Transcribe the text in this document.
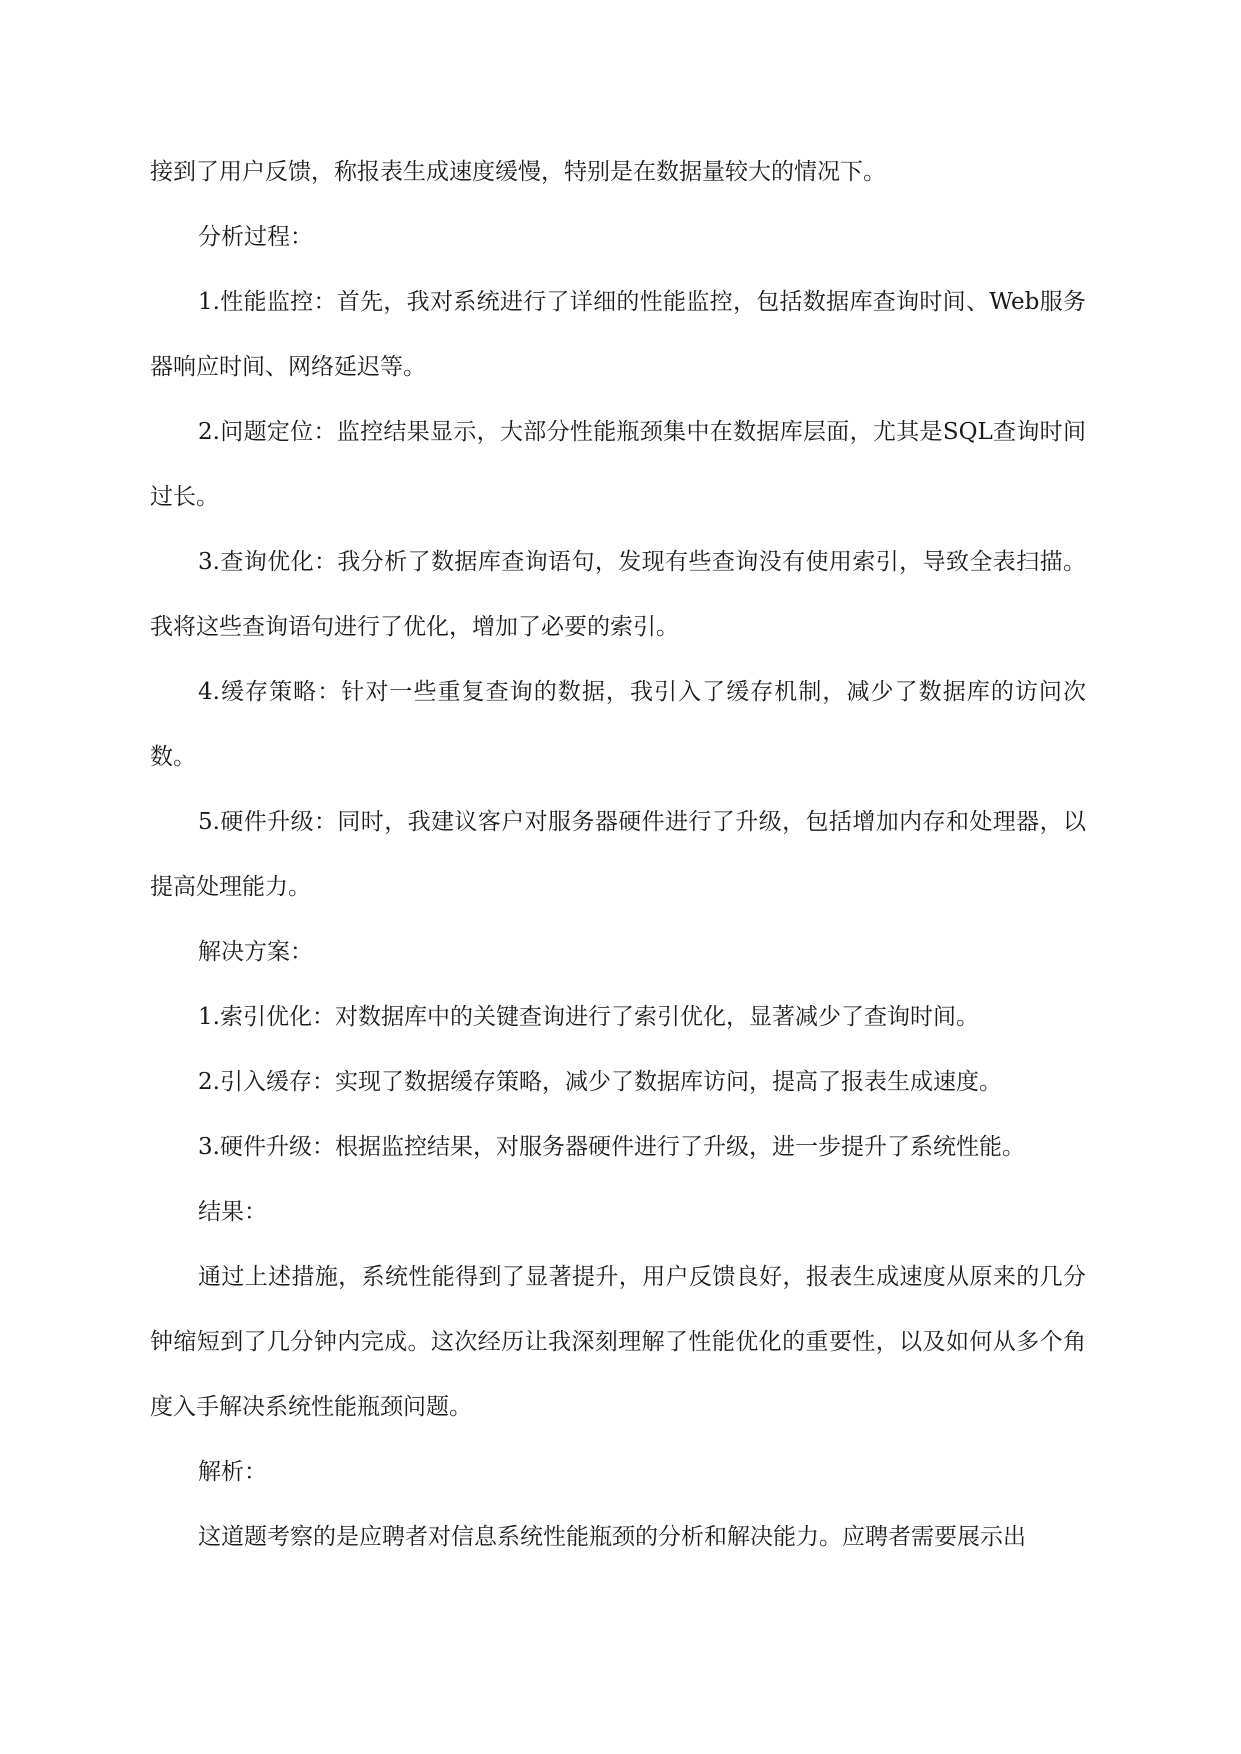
接到了用户反馈，称报表生成速度缓慢，特别是在数据量较大的情况下。

分析过程：

1.性能监控：首先，我对系统进行了详细的性能监控，包括数据库查询时间、Web服务器响应时间、网络延迟等。

2.问题定位：监控结果显示，大部分性能瓶颈集中在数据库层面，尤其是SQL查询时间过长。

3.查询优化：我分析了数据库查询语句，发现有些查询没有使用索引，导致全表扫描。我将这些查询语句进行了优化，增加了必要的索引。

4.缓存策略：针对一些重复查询的数据，我引入了缓存机制，减少了数据库的访问次数。

5.硬件升级：同时，我建议客户对服务器硬件进行了升级，包括增加内存和处理器，以提高处理能力。

解决方案：

1.索引优化：对数据库中的关键查询进行了索引优化，显著减少了查询时间。

2.引入缓存：实现了数据缓存策略，减少了数据库访问，提高了报表生成速度。

3.硬件升级：根据监控结果，对服务器硬件进行了升级，进一步提升了系统性能。

结果：

通过上述措施，系统性能得到了显著提升，用户反馈良好，报表生成速度从原来的几分钟缩短到了几分钟内完成。这次经历让我深刻理解了性能优化的重要性，以及如何从多个角度入手解决系统性能瓶颈问题。

解析：

这道题考察的是应聘者对信息系统性能瓶颈的分析和解决能力。应聘者需要展示出
